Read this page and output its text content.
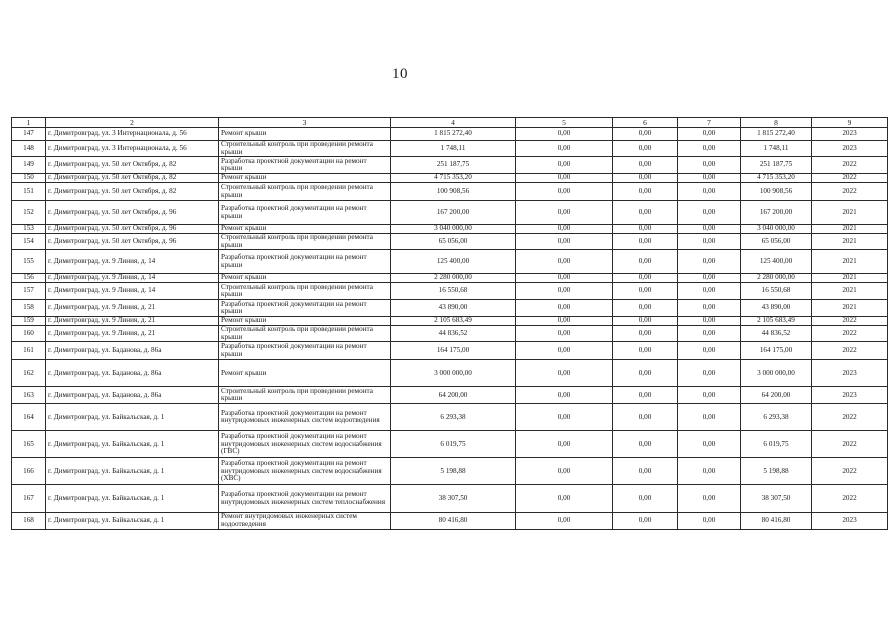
10
1	2	3	4	5	6	7	8	9
147	г. Димитровград, ул. 3 Интернационала, д. 56	Ремонт крыши	1 815 272,40	0,00	0,00	0,00	1 815 272,40	2023
148	г. Димитровград, ул. 3 Интернационала, д. 56	Строительный контроль при проведении ремонта крыши	1 748,11	0,00	0,00	0,00	1 748,11	2023
149	г. Димитровград, ул. 50 лет Октября, д. 82	Разработка проектной документации на ремонт крыши	251 187,75	0,00	0,00	0,00	251 187,75	2022
150	г. Димитровград, ул. 50 лет Октября, д. 82	Ремонт крыши	4 715 353,20	0,00	0,00	0,00	4 715 353,20	2022
151	г. Димитровград, ул. 50 лет Октября, д. 82	Строительный контроль при проведении ремонта крыши	100 908,56	0,00	0,00	0,00	100 908,56	2022
152	г. Димитровград, ул. 50 лет Октября, д. 96	Разработка проектной документации на ремонт крыши	167 200,00	0,00	0,00	0,00	167 200,00	2021
153	г. Димитровград, ул. 50 лет Октября, д. 96	Ремонт крыши	3 040 000,00	0,00	0,00	0,00	3 040 000,00	2021
154	г. Димитровград, ул. 50 лет Октября, д. 96	Строительный контроль при проведении ремонта крыши	65 056,00	0,00	0,00	0,00	65 056,00	2021
155	г. Димитровград, ул. 9 Линия, д. 14	Разработка проектной документации на ремонт крыши	125 400,00	0,00	0,00	0,00	125 400,00	2021
156	г. Димитровград, ул. 9 Линия, д. 14	Ремонт крыши	2 280 000,00	0,00	0,00	0,00	2 280 000,00	2021
157	г. Димитровград, ул. 9 Линия, д. 14	Строительный контроль при проведении ремонта крыши	16 550,68	0,00	0,00	0,00	16 550,68	2021
158	г. Димитровград, ул. 9 Линия, д. 21	Разработка проектной документации на ремонт крыши	43 890,00	0,00	0,00	0,00	43 890,00	2021
159	г. Димитровград, ул. 9 Линия, д. 21	Ремонт крыши	2 105 683,49	0,00	0,00	0,00	2 105 683,49	2022
160	г. Димитровград, ул. 9 Линия, д. 21	Строительный контроль при проведении ремонта крыши	44 836,52	0,00	0,00	0,00	44 836,52	2022
161	г. Димитровград, ул. Баданова, д. 86а	Разработка проектной документации на ремонт крыши	164 175,00	0,00	0,00	0,00	164 175,00	2022
162	г. Димитровград, ул. Баданова, д. 86а	Ремонт крыши	3 000 000,00	0,00	0,00	0,00	3 000 000,00	2023
163	г. Димитровград, ул. Баданова, д. 86а	Строительный контроль при проведении ремонта крыши	64 200,00	0,00	0,00	0,00	64 200,00	2023
164	г. Димитровград, ул. Байкальская, д. 1	Разработка проектной документации на ремонт внутридомовых инженерных систем водоотведения	6 293,38	0,00	0,00	0,00	6 293,38	2022
165	г. Димитровград, ул. Байкальская, д. 1	Разработка проектной документации на ремонт внутридомовых инженерных систем водоснабжения (ГВС)	6 019,75	0,00	0,00	0,00	6 019,75	2022
166	г. Димитровград, ул. Байкальская, д. 1	Разработка проектной документации на ремонт внутридомовых инженерных систем водоснабжения (ХВС)	5 198,88	0,00	0,00	0,00	5 198,88	2022
167	г. Димитровград, ул. Байкальская, д. 1	Разработка проектной документации на ремонт внутридомовых инженерных систем теплоснабжения	38 307,50	0,00	0,00	0,00	38 307,50	2022
168	г. Димитровград, ул. Байкальская, д. 1	Ремонт внутридомовых инженерных систем водоотведения	80 416,80	0,00	0,00	0,00	80 416,80	2023
